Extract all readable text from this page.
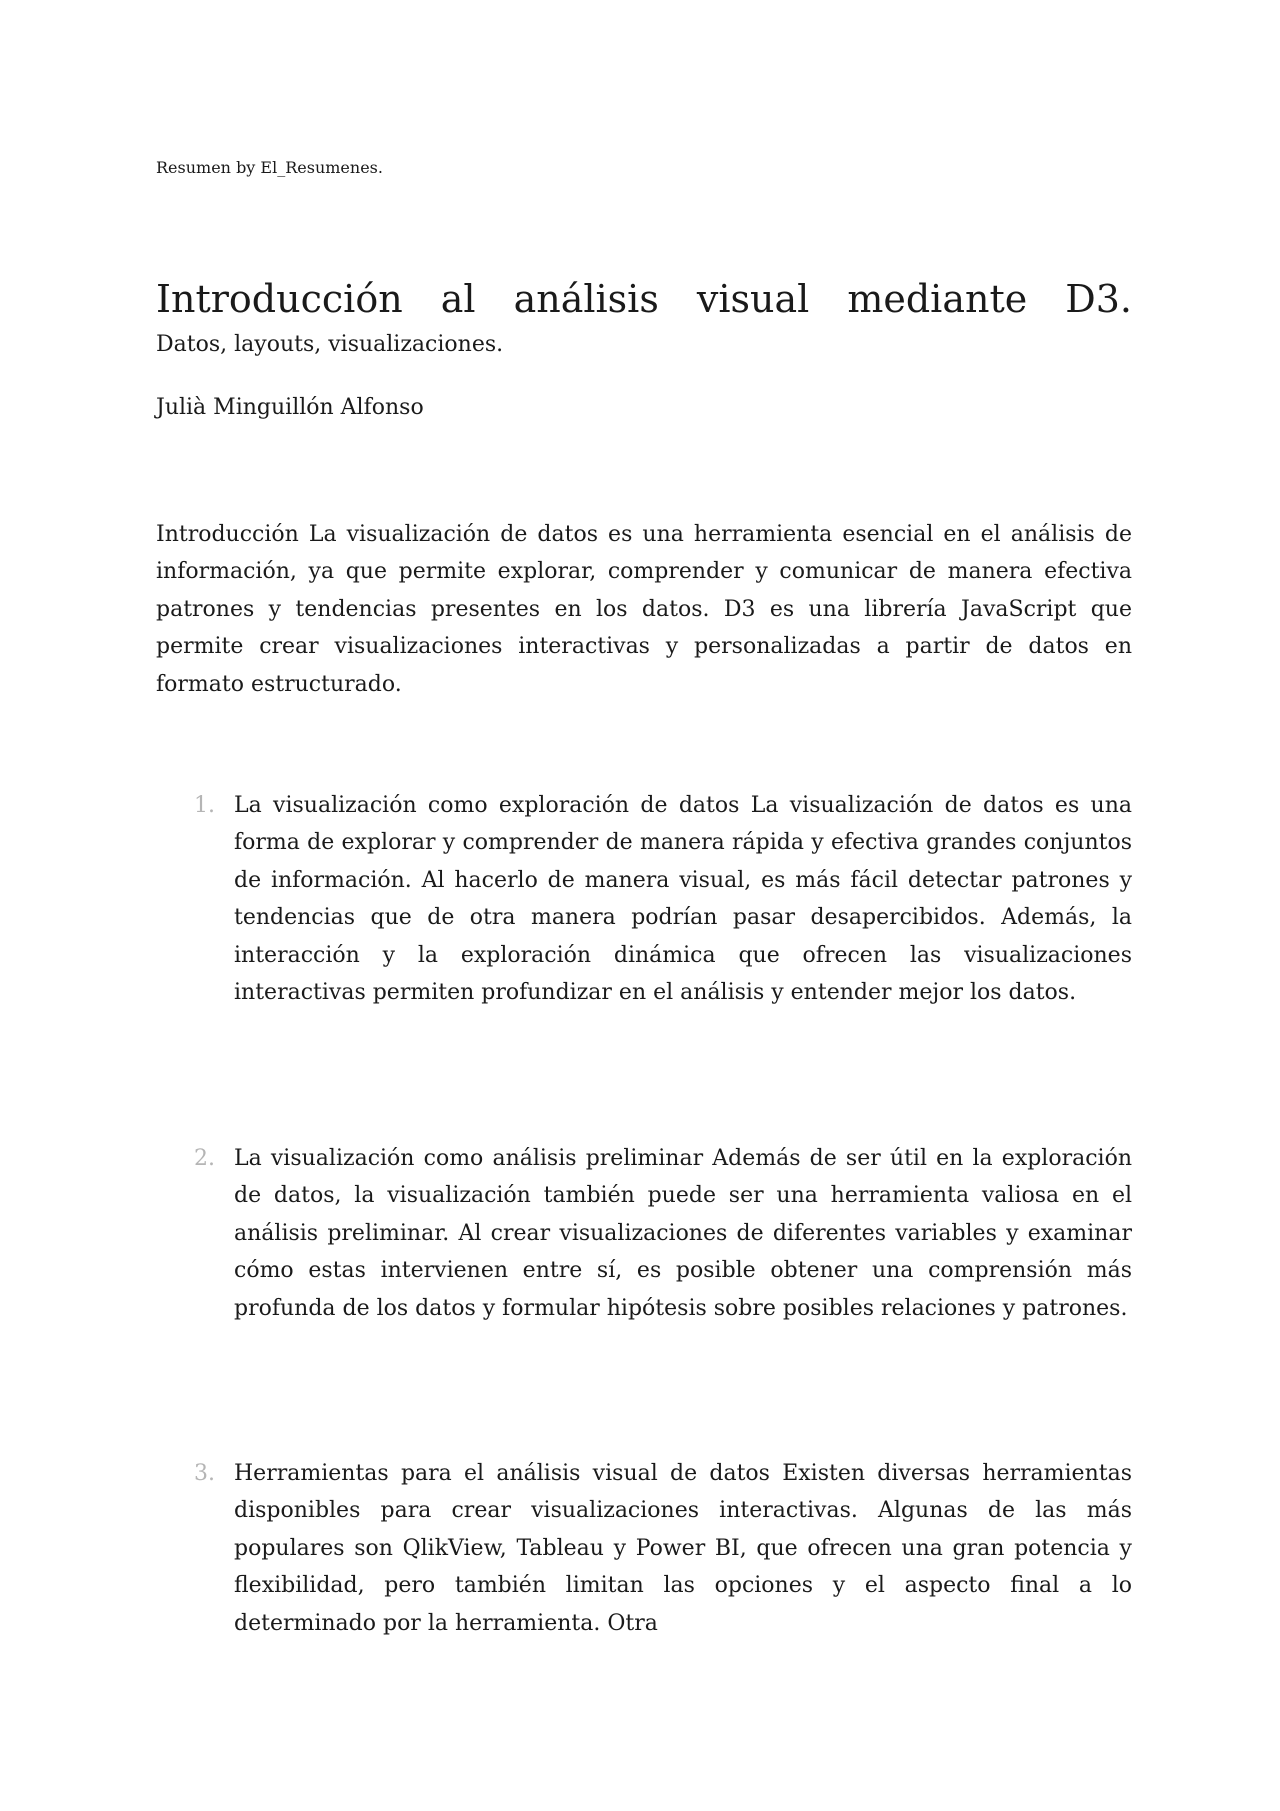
Resumen by El_Resumenes.
Introducción al análisis visual mediante D3.
Datos, layouts, visualizaciones.
Julià Minguillón Alfonso

Introducción La visualización de datos es una herramienta esencial en el análisis de información, ya que permite explorar, comprender y comunicar de manera efectiva patrones y tendencias presentes en los datos. D3 es una librería JavaScript que permite crear visualizaciones interactivas y personalizadas a partir de datos en formato estructurado.

1. La visualización como exploración de datos La visualización de datos es una forma de explorar y comprender de manera rápida y efectiva grandes conjuntos de información. Al hacerlo de manera visual, es más fácil detectar patrones y tendencias que de otra manera podrían pasar desapercibidos. Además, la interacción y la exploración dinámica que ofrecen las visualizaciones interactivas permiten profundizar en el análisis y entender mejor los datos.

2. La visualización como análisis preliminar Además de ser útil en la exploración de datos, la visualización también puede ser una herramienta valiosa en el análisis preliminar. Al crear visualizaciones de diferentes variables y examinar cómo estas intervienen entre sí, es posible obtener una comprensión más profunda de los datos y formular hipótesis sobre posibles relaciones y patrones.

3. Herramientas para el análisis visual de datos Existen diversas herramientas disponibles para crear visualizaciones interactivas. Algunas de las más populares son QlikView, Tableau y Power BI, que ofrecen una gran potencia y flexibilidad, pero también limitan las opciones y el aspecto final a lo determinado por la herramienta. Otra
